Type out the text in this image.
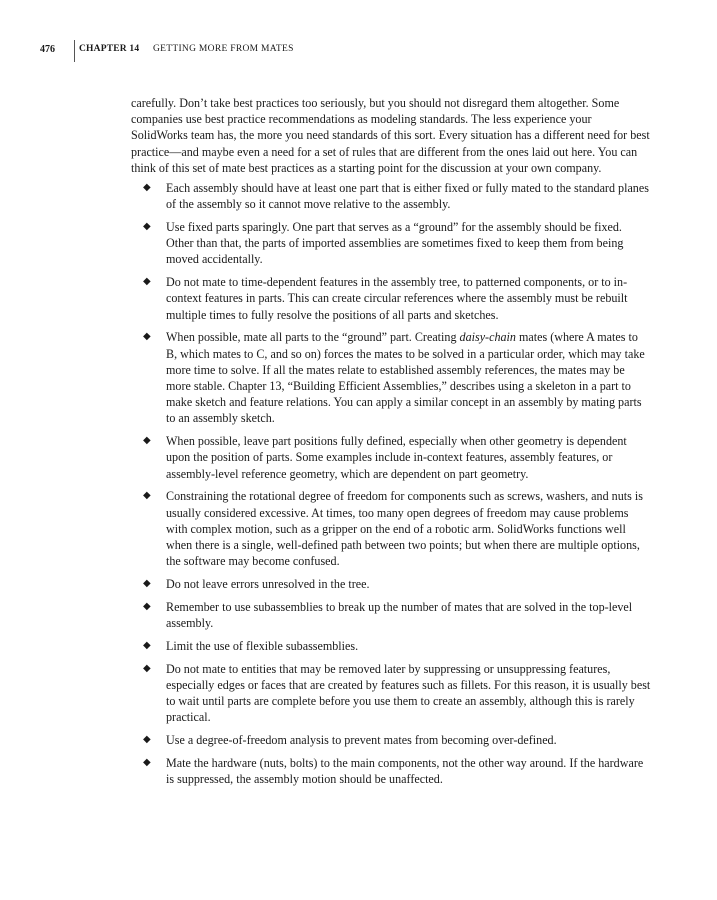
476	CHAPTER 14 GETTING MORE FROM MATES

carefully. Don’t take best practices too seriously, but you should not disregard them altogether. Some companies use best practice recommendations as modeling standards. The less experience your SolidWorks team has, the more you need standards of this sort. Every situation has a different need for best practice—and maybe even a need for a set of rules that are different from the ones laid out here. You can think of this set of mate best practices as a starting point for the discussion at your own company.

◆ Each assembly should have at least one part that is either fixed or fully mated to the standard planes of the assembly so it cannot move relative to the assembly.
◆ Use fixed parts sparingly. One part that serves as a “ground” for the assembly should be fixed. Other than that, the parts of imported assemblies are sometimes fixed to keep them from being moved accidentally.
◆ Do not mate to time-dependent features in the assembly tree, to patterned components, or to in-context features in parts. This can create circular references where the assembly must be rebuilt multiple times to fully resolve the positions of all parts and sketches.
◆ When possible, mate all parts to the “ground” part. Creating daisy-chain mates (where A mates to B, which mates to C, and so on) forces the mates to be solved in a particular order, which may take more time to solve. If all the mates relate to established assembly references, the mates may be more stable. Chapter 13, “Building Efficient Assemblies,” describes using a skeleton in a part to make sketch and feature relations. You can apply a similar concept in an assembly by mating parts to an assembly sketch.
◆ When possible, leave part positions fully defined, especially when other geometry is dependent upon the position of parts. Some examples include in-context features, assembly features, or assembly-level reference geometry, which are dependent on part geometry.
◆ Constraining the rotational degree of freedom for components such as screws, washers, and nuts is usually considered excessive. At times, too many open degrees of freedom may cause problems with complex motion, such as a gripper on the end of a robotic arm. SolidWorks functions well when there is a single, well-defined path between two points; but when there are multiple options, the software may become confused.
◆ Do not leave errors unresolved in the tree.
◆ Remember to use subassemblies to break up the number of mates that are solved in the top-level assembly.
◆ Limit the use of flexible subassemblies.
◆ Do not mate to entities that may be removed later by suppressing or unsuppressing features, especially edges or faces that are created by features such as fillets. For this reason, it is usually best to wait until parts are complete before you use them to create an assembly, although this is rarely practical.
◆ Use a degree-of-freedom analysis to prevent mates from becoming over-defined.
◆ Mate the hardware (nuts, bolts) to the main components, not the other way around. If the hardware is suppressed, the assembly motion should be unaffected.
